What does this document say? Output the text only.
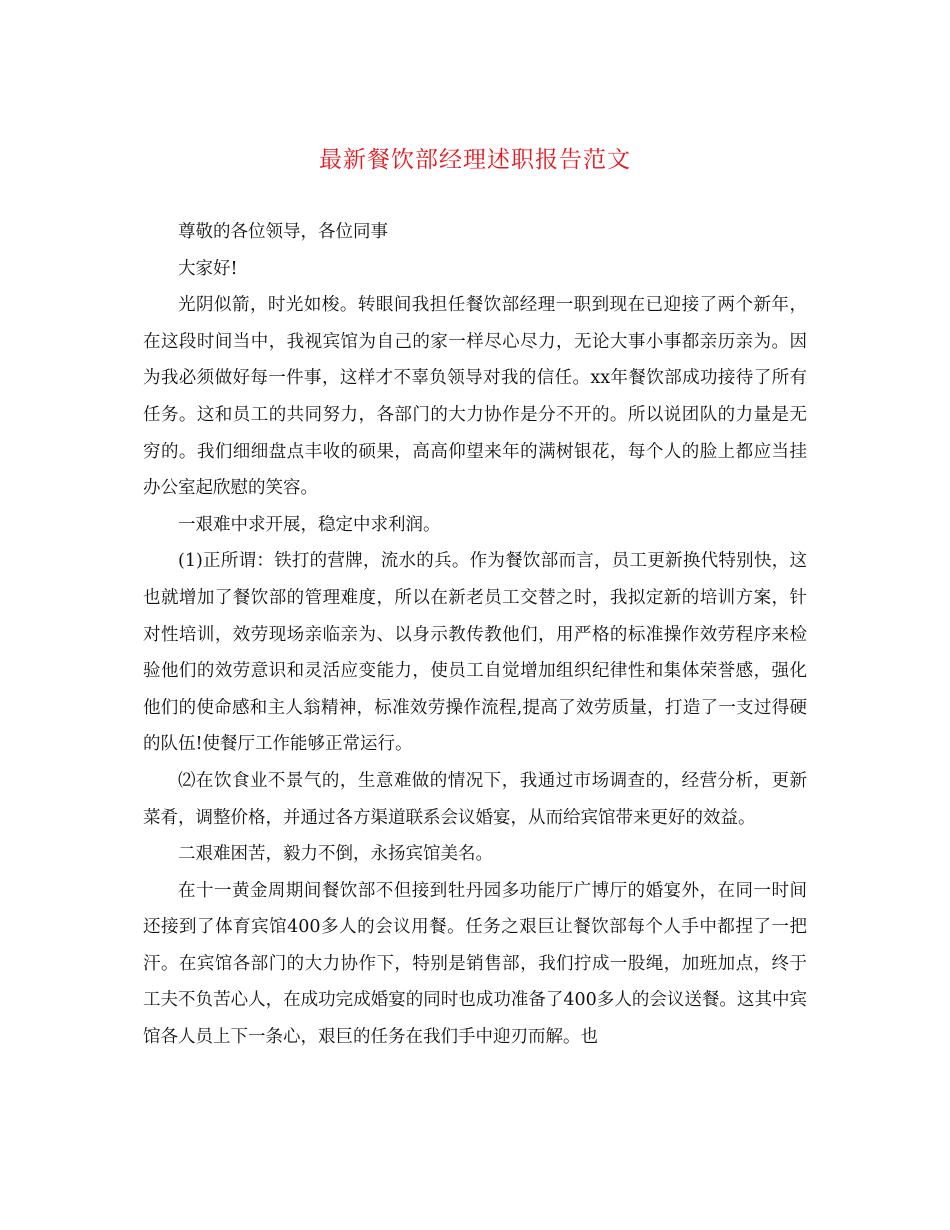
最新餐饮部经理述职报告范文

尊敬的各位领导，各位同事

大家好!

光阴似箭，时光如梭。转眼间我担任餐饮部经理一职到现在已迎接了两个新年，在这段时间当中，我视宾馆为自己的家一样尽心尽力，无论大事小事都亲历亲为。因为我必须做好每一件事，这样才不辜负领导对我的信任。xx年餐饮部成功接待了所有任务。这和员工的共同努力，各部门的大力协作是分不开的。所以说团队的力量是无穷的。我们细细盘点丰收的硕果，高高仰望来年的满树银花，每个人的脸上都应当挂办公室起欣慰的笑容。

一艰难中求开展，稳定中求利润。

(1)正所谓：铁打的营牌，流水的兵。作为餐饮部而言，员工更新换代特别快，这也就增加了餐饮部的管理难度，所以在新老员工交替之时，我拟定新的培训方案，针对性培训，效劳现场亲临亲为、以身示教传教他们，用严格的标准操作效劳程序来检验他们的效劳意识和灵活应变能力，使员工自觉增加组织纪律性和集体荣誉感，强化他们的使命感和主人翁精神，标准效劳操作流程,提高了效劳质量，打造了一支过得硬的队伍!使餐厅工作能够正常运行。

⑵在饮食业不景气的，生意难做的情况下，我通过市场调查的，经营分析，更新菜肴，调整价格，并通过各方渠道联系会议婚宴，从而给宾馆带来更好的效益。

二艰难困苦，毅力不倒，永扬宾馆美名。

在十一黄金周期间餐饮部不但接到牡丹园多功能厅广博厅的婚宴外，在同一时间还接到了体育宾馆400多人的会议用餐。任务之艰巨让餐饮部每个人手中都捏了一把汗。在宾馆各部门的大力协作下，特别是销售部，我们拧成一股绳，加班加点，终于工夫不负苦心人，在成功完成婚宴的同时也成功准备了400多人的会议送餐。这其中宾馆各人员上下一条心，艰巨的任务在我们手中迎刃而解。也
